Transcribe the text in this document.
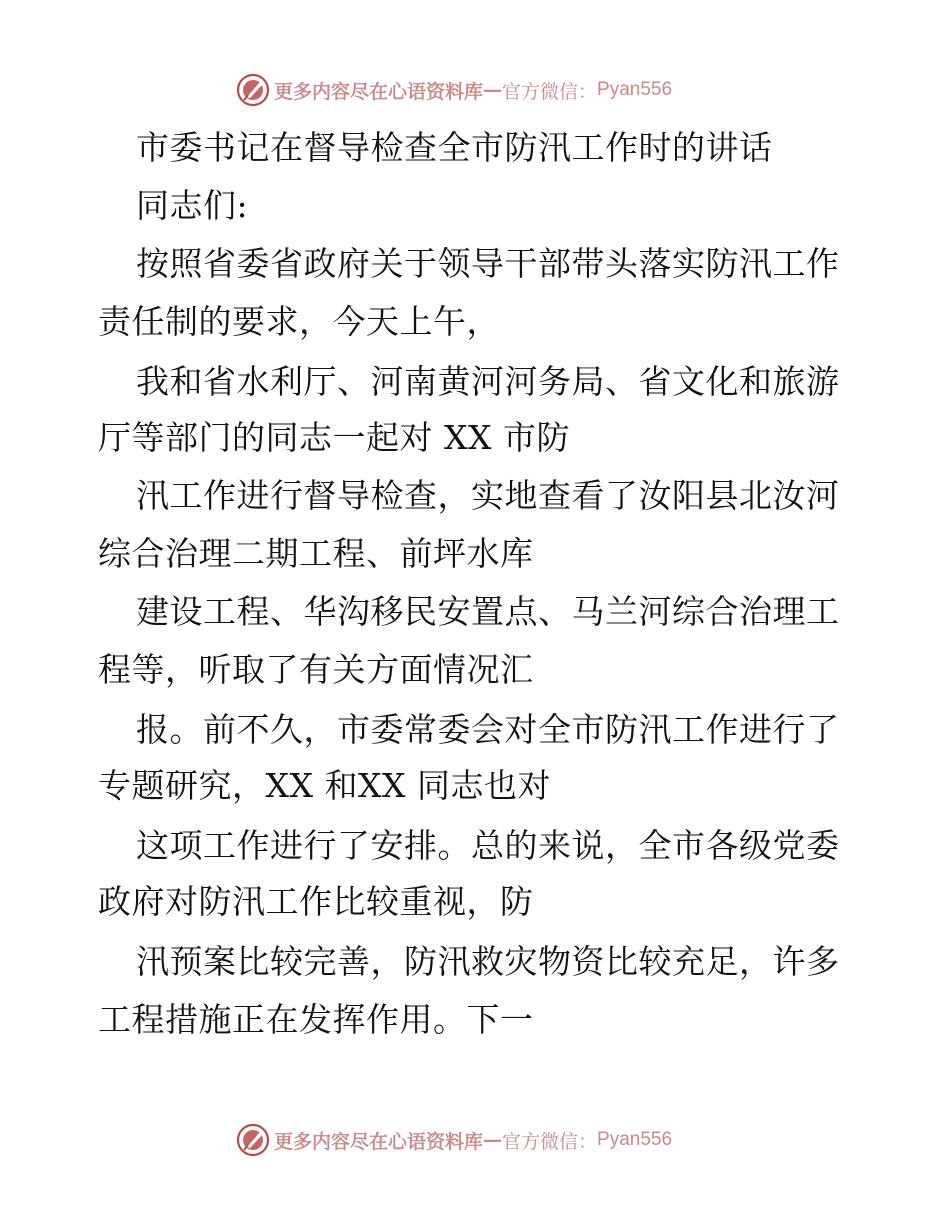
更多内容尽在心语资料库 — 官方微信： Pyan556
市委书记在督导检查全市防汛工作时的讲话
同志们:
按照省委省政府关于领导干部带头落实防汛工作
责任制的要求，今天上午，
我和省水利厅、河南黄河河务局、省文化和旅游
厅等部门的同志一起对 XX 市防
汛工作进行督导检查，实地查看了汝阳县北汝河
综合治理二期工程、前坪水库
建设工程、华沟移民安置点、马兰河综合治理工
程等，听取了有关方面情况汇
报。前不久，市委常委会对全市防汛工作进行了
专题研究，XX 和XX 同志也对
这项工作进行了安排。总的来说，全市各级党委
政府对防汛工作比较重视，防
汛预案比较完善，防汛救灾物资比较充足，许多
工程措施正在发挥作用。下一
更多内容尽在心语资料库 — 官方微信： Pyan556
